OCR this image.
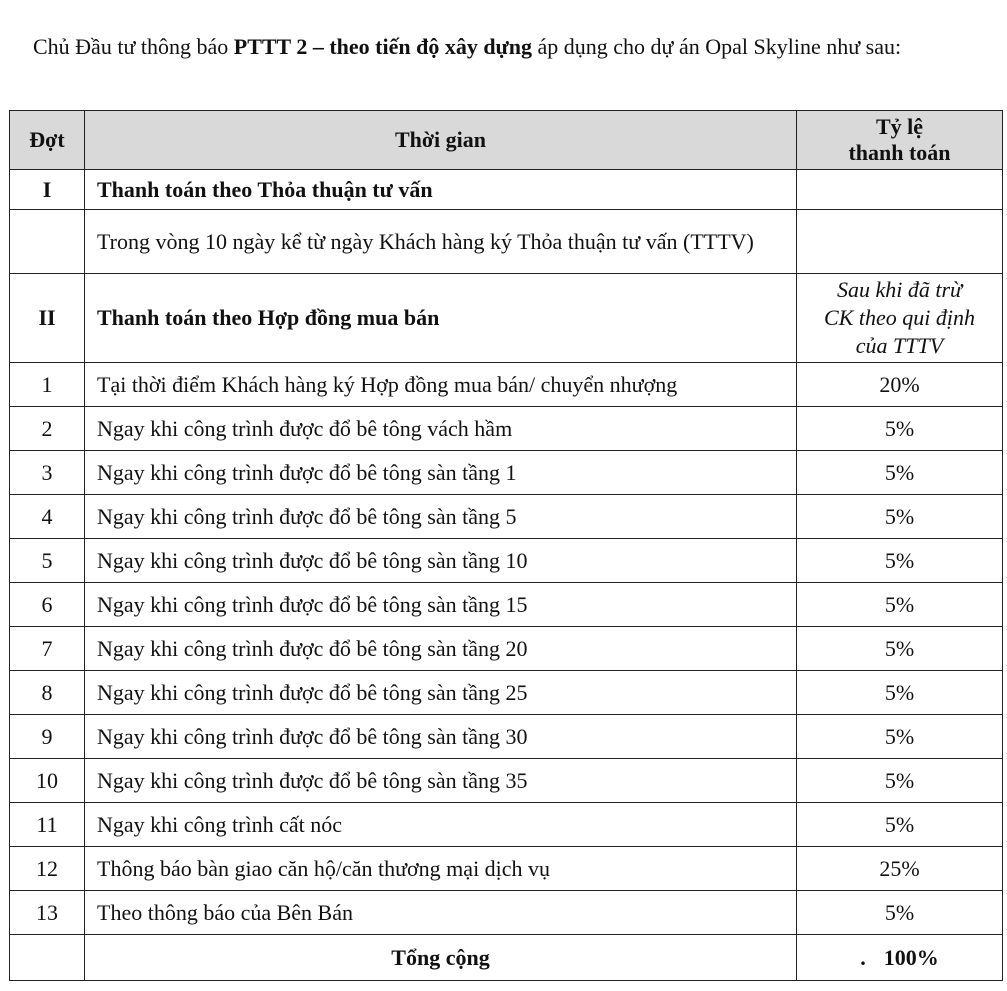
Chủ Đầu tư thông báo PTTT 2 – theo tiến độ xây dựng áp dụng cho dự án Opal Skyline như sau:
Đợt	Thời gian	Tỷ lệ
thanh toán
I	Thanh toán theo Thỏa thuận tư vấn	
	Trong vòng 10 ngày kể từ ngày Khách hàng ký Thỏa thuận tư vấn (TTTV)	
II	Thanh toán theo Hợp đồng mua bán	Sau khi đã trừ
CK theo qui định
của TTTV
1	Tại thời điểm Khách hàng ký Hợp đồng mua bán/ chuyển nhượng	20%
2	Ngay khi công trình được đổ bê tông vách hầm	5%
3	Ngay khi công trình được đổ bê tông sàn tầng 1	5%
4	Ngay khi công trình được đổ bê tông sàn tầng 5	5%
5	Ngay khi công trình được đổ bê tông sàn tầng 10	5%
6	Ngay khi công trình được đổ bê tông sàn tầng 15	5%
7	Ngay khi công trình được đổ bê tông sàn tầng 20	5%
8	Ngay khi công trình được đổ bê tông sàn tầng 25	5%
9	Ngay khi công trình được đổ bê tông sàn tầng 30	5%
10	Ngay khi công trình được đổ bê tông sàn tầng 35	5%
11	Ngay khi công trình cất nóc	5%
12	Thông báo bàn giao căn hộ/căn thương mại dịch vụ	25%
13	Theo thông báo của Bên Bán	5%
	Tổng cộng	. 100%
